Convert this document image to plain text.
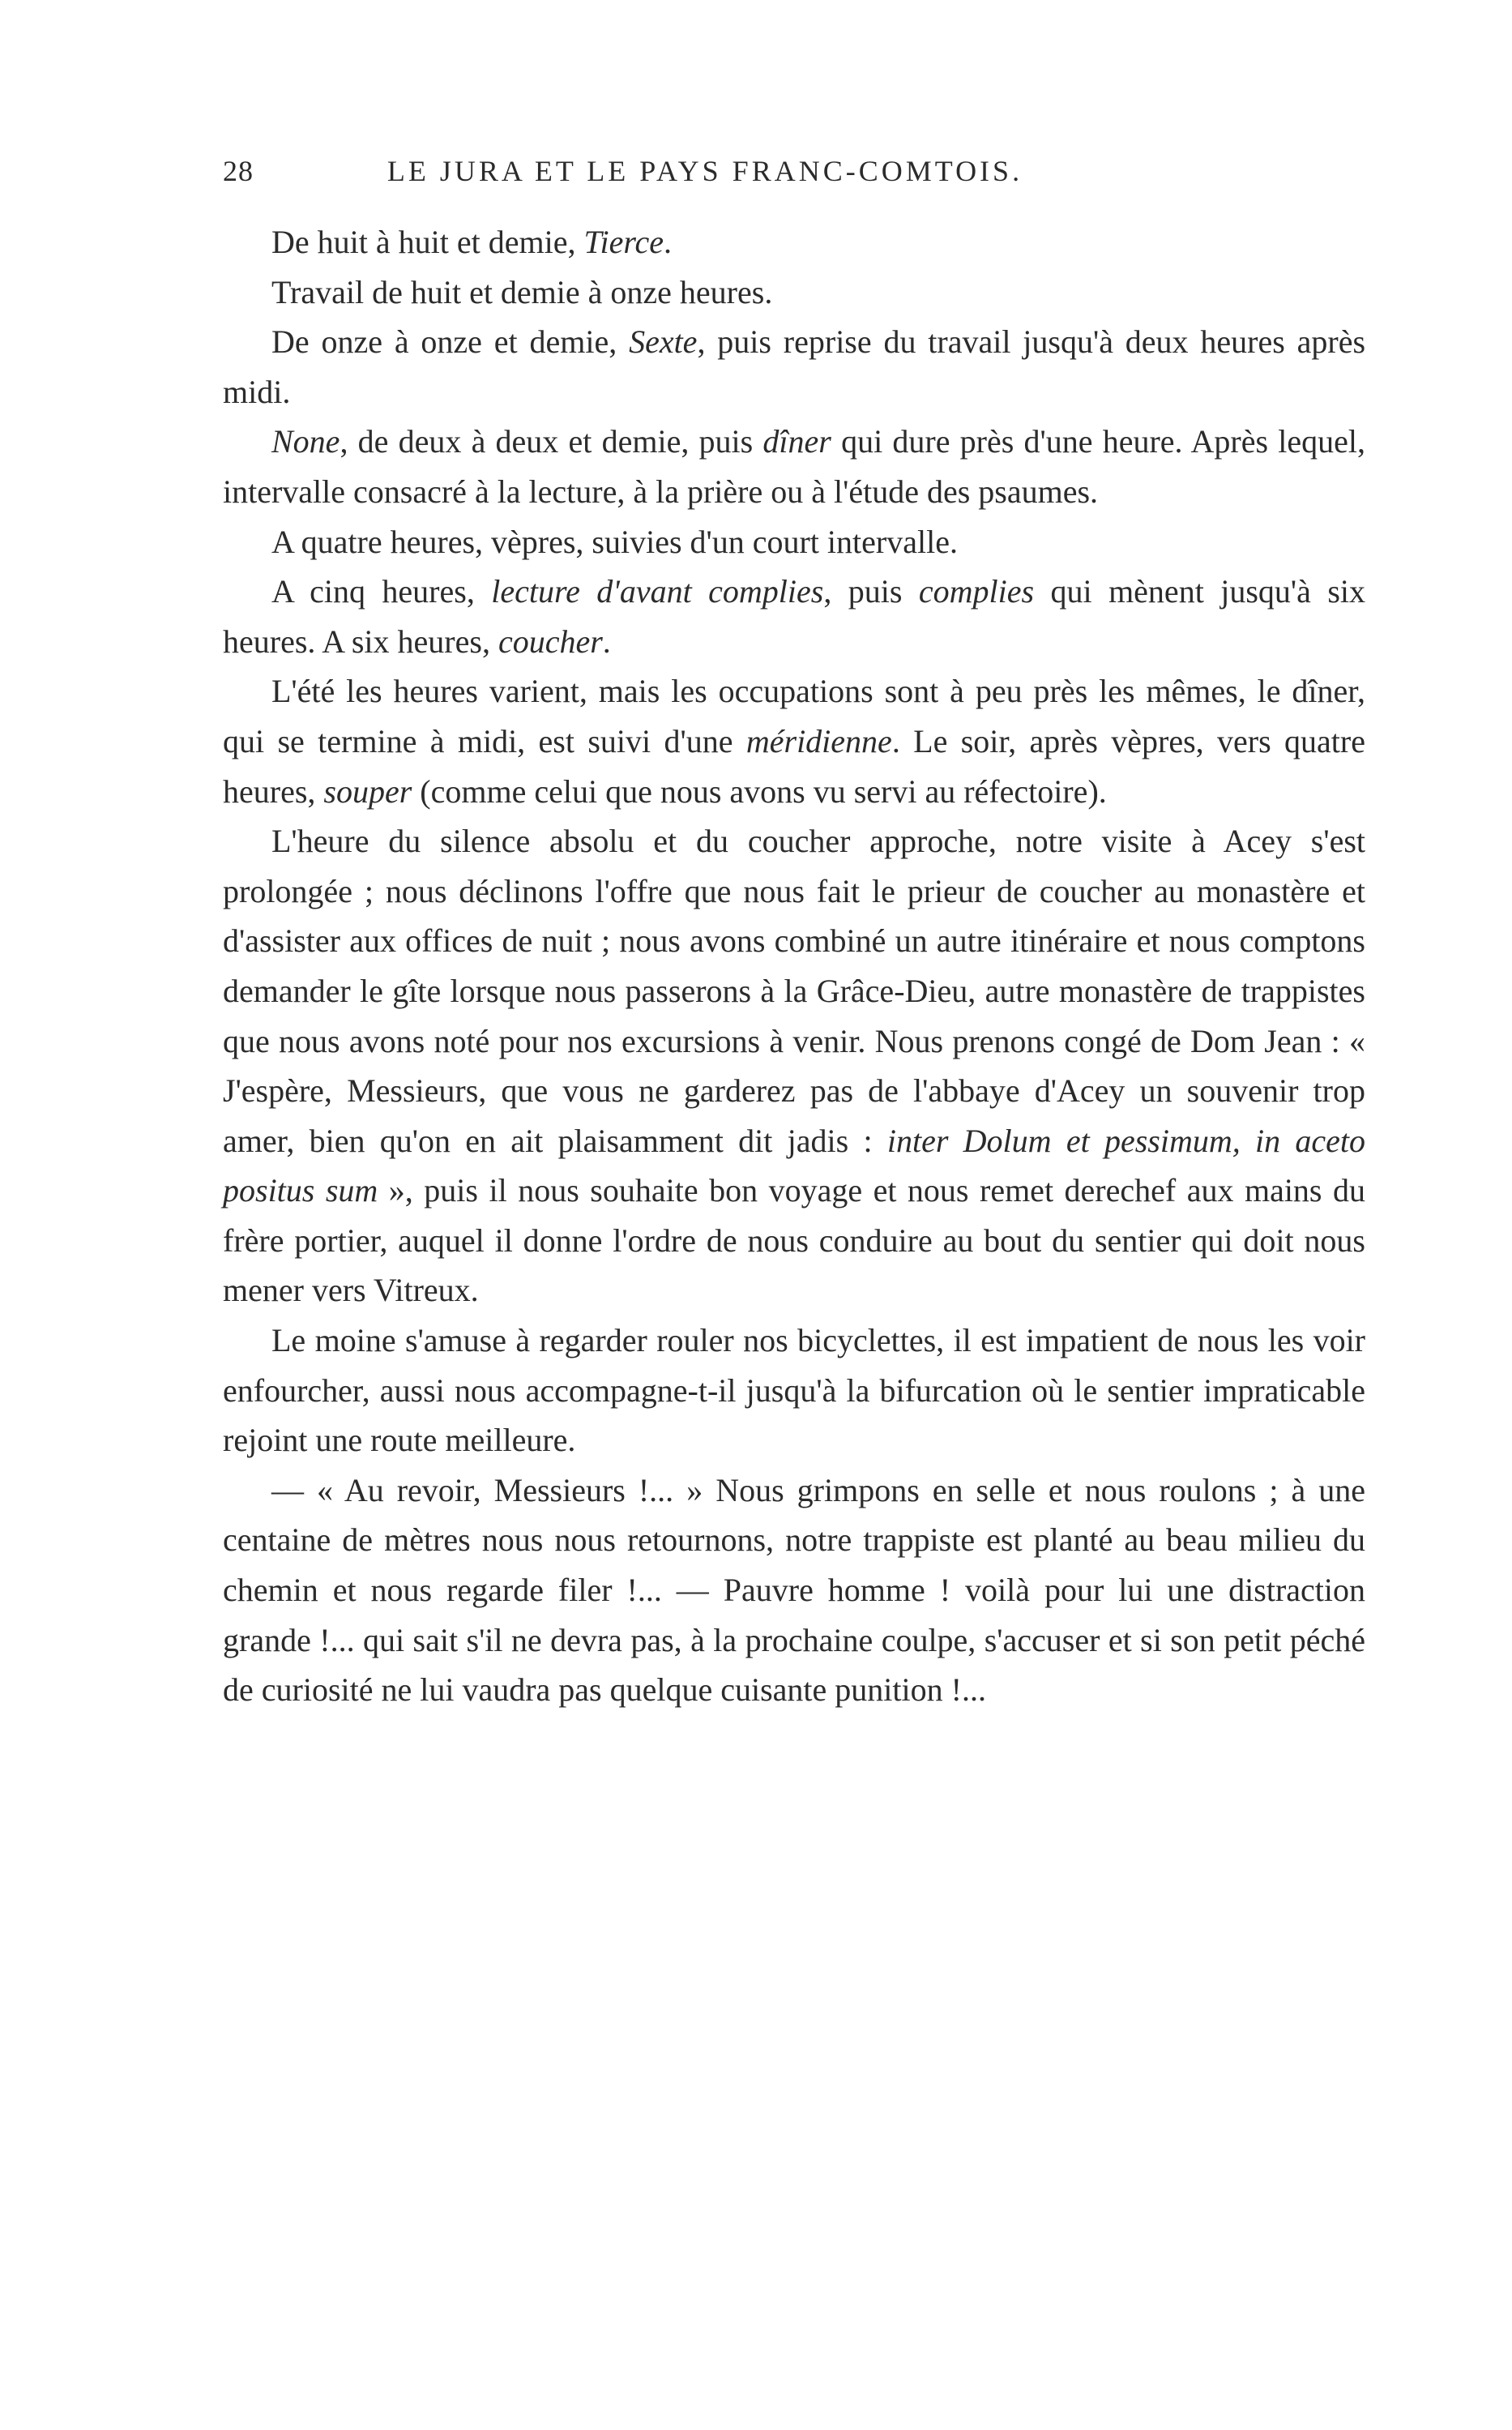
28	LE JURA ET LE PAYS FRANC-COMTOIS.

De huit à huit et demie, Tierce.

Travail de huit et demie à onze heures.

De onze à onze et demie, Sexte, puis reprise du travail jusqu'à deux heures après midi.

None, de deux à deux et demie, puis dîner qui dure près d'une heure. Après lequel, intervalle consacré à la lecture, à la prière ou à l'étude des psaumes.

A quatre heures, vèpres, suivies d'un court intervalle.

A cinq heures, lecture d'avant complies, puis complies qui mènent jusqu'à six heures. A six heures, coucher.

L'été les heures varient, mais les occupations sont à peu près les mêmes, le dîner, qui se termine à midi, est suivi d'une méridienne. Le soir, après vèpres, vers quatre heures, souper (comme celui que nous avons vu servi au réfectoire).

L'heure du silence absolu et du coucher approche, notre visite à Acey s'est prolongée ; nous déclinons l'offre que nous fait le prieur de coucher au monastère et d'assister aux offices de nuit ; nous avons combiné un autre itinéraire et nous comptons demander le gîte lorsque nous passerons à la Grâce-Dieu, autre monastère de trappistes que nous avons noté pour nos excursions à venir. Nous prenons congé de Dom Jean : « J'espère, Messieurs, que vous ne garderez pas de l'abbaye d'Acey un souvenir trop amer, bien qu'on en ait plaisamment dit jadis : inter Dolum et pessimum, in aceto positus sum », puis il nous souhaite bon voyage et nous remet derechef aux mains du frère portier, auquel il donne l'ordre de nous conduire au bout du sentier qui doit nous mener vers Vitreux.

Le moine s'amuse à regarder rouler nos bicyclettes, il est impatient de nous les voir enfourcher, aussi nous accompagne-t-il jusqu'à la bifurcation où le sentier impraticable rejoint une route meilleure.

— « Au revoir, Messieurs !... » Nous grimpons en selle et nous roulons ; à une centaine de mètres nous nous retournons, notre trappiste est planté au beau milieu du chemin et nous regarde filer !... — Pauvre homme ! voilà pour lui une distraction grande !... qui sait s'il ne devra pas, à la prochaine coulpe, s'accuser et si son petit péché de curiosité ne lui vaudra pas quelque cuisante punition !...
